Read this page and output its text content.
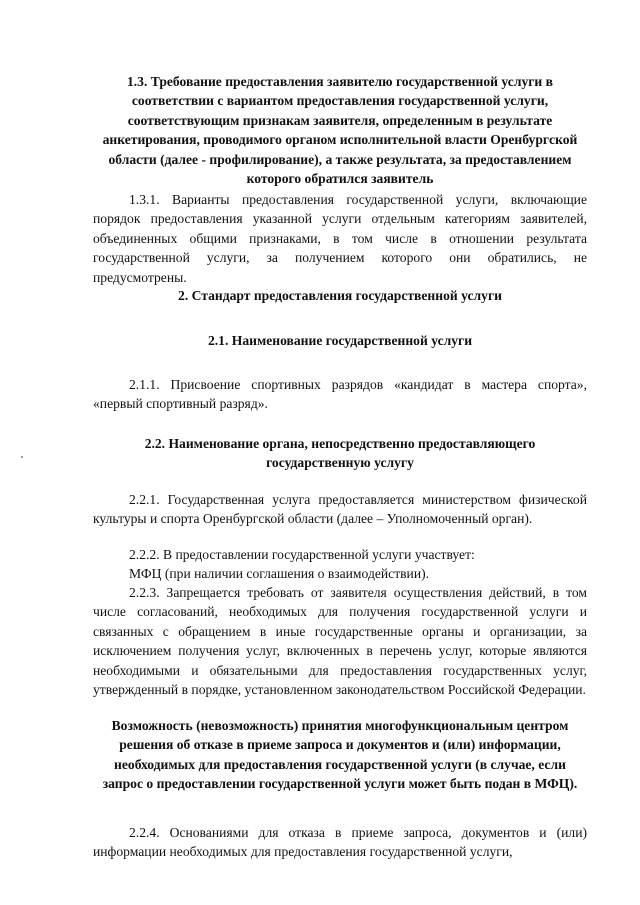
1.3. Требование предоставления заявителю государственной услуги в соответствии с вариантом предоставления государственной услуги, соответствующим признакам заявителя, определенным в результате анкетирования, проводимого органом исполнительной власти Оренбургской области (далее - профилирование), а также результата, за предоставлением которого обратился заявитель

1.3.1. Варианты предоставления государственной услуги, включающие порядок предоставления указанной услуги отдельным категориям заявителей, объединенных общими признаками, в том числе в отношении результата государственной услуги, за получением которого они обратились, не предусмотрены.

2. Стандарт предоставления государственной услуги

2.1. Наименование государственной услуги

2.1.1. Присвоение спортивных разрядов «кандидат в мастера спорта», «первый спортивный разряд».

2.2. Наименование органа, непосредственно предоставляющего государственную услугу

2.2.1. Государственная услуга предоставляется министерством физической культуры и спорта Оренбургской области (далее – Уполномоченный орган).

2.2.2. В предоставлении государственной услуги участвует:

МФЦ (при наличии соглашения о взаимодействии).

2.2.3. Запрещается требовать от заявителя осуществления действий, в том числе согласований, необходимых для получения государственной услуги и связанных с обращением в иные государственные органы и организации, за исключением получения услуг, включенных в перечень услуг, которые являются необходимыми и обязательными для предоставления государственных услуг, утвержденный в порядке, установленном законодательством Российской Федерации.

Возможность (невозможность) принятия многофункциональным центром решения об отказе в приеме запроса и документов и (или) информации, необходимых для предоставления государственной услуги (в случае, если запрос о предоставлении государственной услуги может быть подан в МФЦ).

2.2.4. Основаниями для отказа в приеме запроса, документов и (или) информации необходимых для предоставления государственной услуги,
